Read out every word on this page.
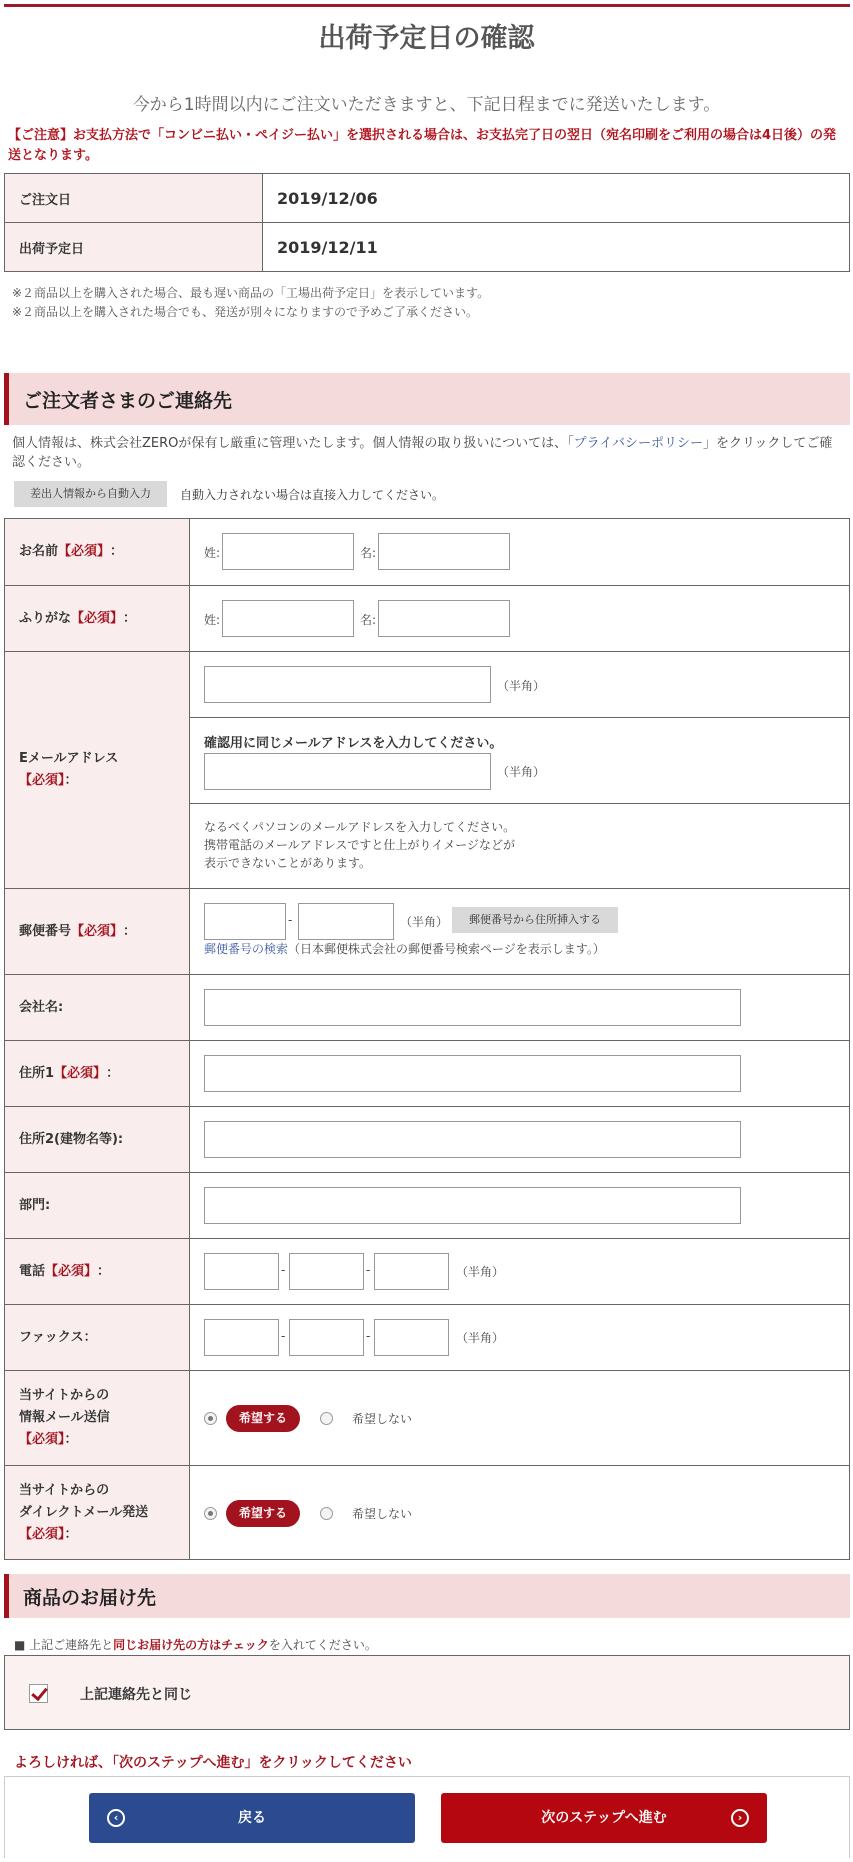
出荷予定日の確認
今から1時間以内にご注文いただきますと、下記日程までに発送いたします。
【ご注意】お支払方法で「コンビニ払い・ペイジー払い」を選択される場合は、お支払完了日の翌日（宛名印刷をご利用の場合は4日後）の発送となります。
ご注文日	2019/12/06
出荷予定日	2019/12/11
※２商品以上を購入された場合、最も遅い商品の「工場出荷予定日」を表示しています。
※２商品以上を購入された場合でも、発送が別々になりますので予めご了承ください。
ご注文者さまのご連絡先
個人情報は、株式会社ZEROが保有し厳重に管理いたします。個人情報の取り扱いについては、「プライバシーポリシー」をクリックしてご確認ください。
差出人情報から自動入力	自動入力されない場合は直接入力してください。
お名前 【必須】 ：	姓:	名:
ふりがな 【必須】 ：	姓:	名:
Eメールアドレス
【必須】：
（半角）
確認用に同じメールアドレスを入力してください。
（半角）
なるべくパソコンのメールアドレスを入力してください。
携帯電話のメールアドレスですと仕上がりイメージなどが
表示できないことがあります。
郵便番号 【必須】 ：
-	（半角）	郵便番号から住所挿入する
郵便番号の検索（日本郵便株式会社の郵便番号検索ページを表示します。）
会社名:
住所1 【必須】 ：
住所2(建物名等):
部門:
電話 【必須】 ：	-	-	（半角）
ファックス：	-	-	（半角）
当サイトからの
情報メール送信
【必須】：
希望する	希望しない
当サイトからの
ダイレクトメール発送
【必須】：
希望する	希望しない
商品のお届け先
■ 上記ご連絡先と同じお届け先の方はチェックを入れてください。
上記連絡先と同じ
よろしければ、「次のステップへ進む」をクリックしてください
‹	戻る	次のステップへ進む	›
